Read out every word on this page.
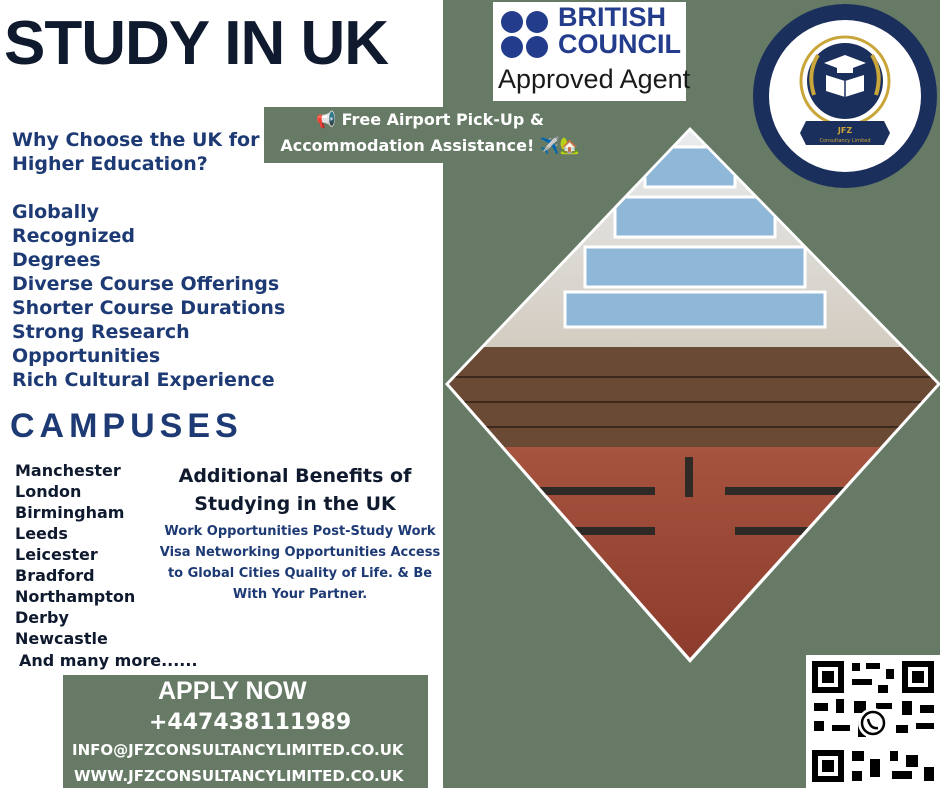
STUDY IN UK	BRITISH
COUNCIL
Approved Agent
JFZ
Consultancy Limited
📢 Free Airport Pick-Up &
Accommodation Assistance! ✈️🏡
Why Choose the UK for Higher Education?
Globally Recognized Degrees
Diverse Course Offerings
Shorter Course Durations
Strong Research Opportunities
Rich Cultural Experience
CAMPUSES
Manchester
London
Birmingham
Leeds
Leicester
Bradford
Northampton
Derby
Newcastle
And many more......
Additional Benefits of
Studying in the UK
Work Opportunities Post-Study Work Visa Networking Opportunities Access to Global Cities Quality of Life. & Be With Your Partner.
APPLY NOW
+447438111989
INFO@JFZCONSULTANCYLIMITED.CO.UK
WWW.JFZCONSULTANCYLIMITED.CO.UK
